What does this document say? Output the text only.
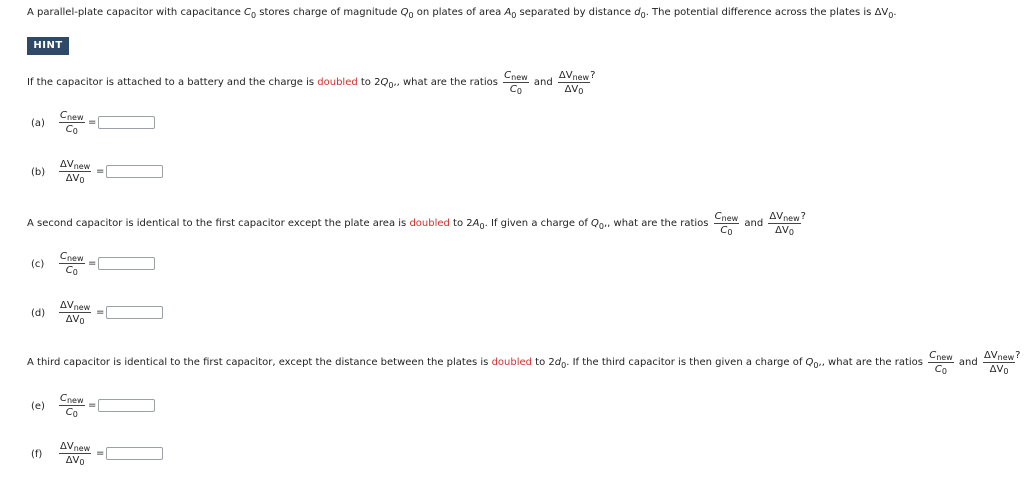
A parallel-plate capacitor with capacitance $C_0$ stores charge of magnitude $Q_0$ on plates of area $A_0$ separated by distance $d_0$. The potential difference across the plates is $\Delta V_0$.
HINT
If the capacitor is attached to a battery and the charge is doubled to $2Q_0$,, what are the ratios $\frac{C_{new}}{C_0}$ and $\frac{\Delta V_{new}}{\Delta V_0}$ ?
$(a) \frac{C_{new}}{C_0}$ =
$(b) \frac{\Delta V_{new}}{\Delta V_0}$ =
A second capacitor is identical to the first capacitor except the plate area is doubled to $2A_0$. If given a charge of $Q_0$,, what are the ratios $\frac{C_{new}}{C_0}$ and $\frac{\Delta V_{new}}{\Delta V_0}$ ?
$(c) \frac{C_{new}}{C_0}$ =
$(d) \frac{\Delta V_{new}}{\Delta V_0}$ =
A third capacitor is identical to the first capacitor, except the distance between the plates is doubled to $2d_0$. If the third capacitor is then given a charge of $Q_0$,, what are the ratios $\frac{C_{new}}{C_0}$ and $\frac{\Delta V_{new}}{\Delta V_0}$ ?
$(e) \frac{C_{new}}{C_0}$ =
$(f) \frac{\Delta V_{new}}{\Delta V_0}$ =
